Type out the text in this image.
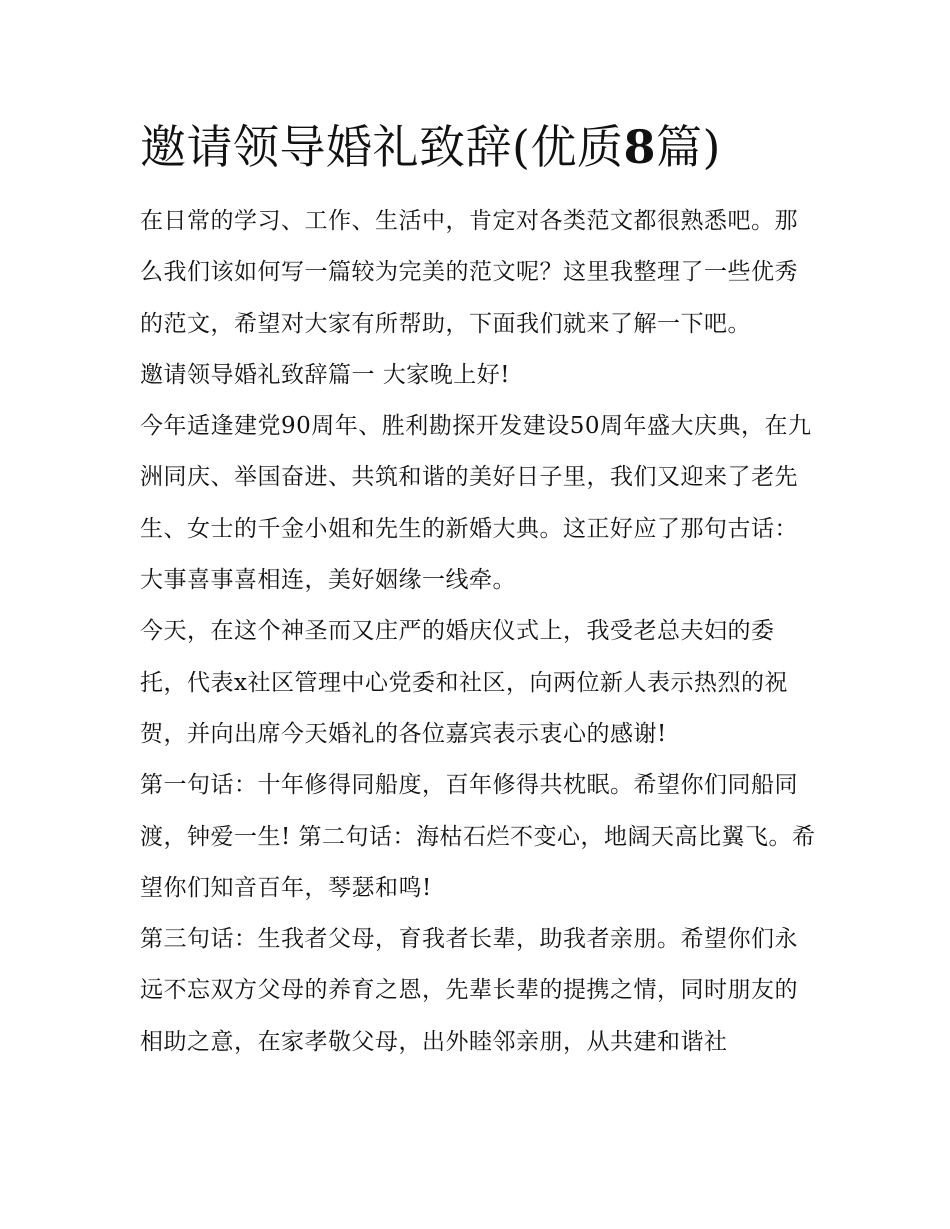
邀请领导婚礼致辞(优质8篇)

在日常的学习、工作、生活中，肯定对各类范文都很熟悉吧。那么我们该如何写一篇较为完美的范文呢？这里我整理了一些优秀的范文，希望对大家有所帮助，下面我们就来了解一下吧。

邀请领导婚礼致辞篇一 大家晚上好!

今年适逢建党90周年、胜利勘探开发建设50周年盛大庆典，在九洲同庆、举国奋进、共筑和谐的美好日子里，我们又迎来了老先生、女士的千金小姐和先生的新婚大典。这正好应了那句古话：大事喜事喜相连，美好姻缘一线牵。

今天，在这个神圣而又庄严的婚庆仪式上，我受老总夫妇的委托，代表x社区管理中心党委和社区，向两位新人表示热烈的祝贺，并向出席今天婚礼的各位嘉宾表示衷心的感谢!

第一句话：十年修得同船度，百年修得共枕眠。希望你们同船同渡，钟爱一生! 第二句话：海枯石烂不变心，地阔天高比翼飞。希望你们知音百年，琴瑟和鸣!

第三句话：生我者父母，育我者长辈，助我者亲朋。希望你们永远不忘双方父母的养育之恩，先辈长辈的提携之情，同时朋友的相助之意，在家孝敬父母，出外睦邻亲朋，从共建和谐社
